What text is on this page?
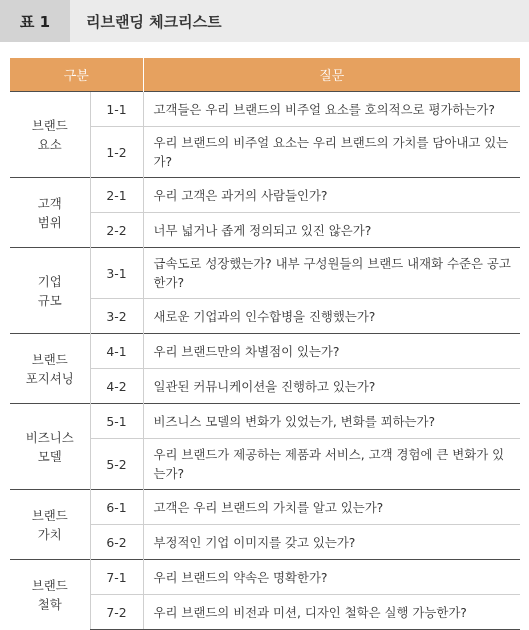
표 1	리브랜딩 체크리스트
구분		질문

브랜드
요소	1-1	고객들은 우리 브랜드의 비주얼 요소를 호의적으로 평가하는가?
	1-2	우리 브랜드의 비주얼 요소는 우리 브랜드의 가치를 담아내고 있는가?

고객
범위	2-1	우리 고객은 과거의 사람들인가?
	2-2	너무 넓거나 좁게 정의되고 있진 않은가?

기업
규모	3-1	급속도로 성장했는가? 내부 구성원들의 브랜드 내재화 수준은 공고한가?
	3-2	새로운 기업과의 인수합병을 진행했는가?

브랜드
포지셔닝	4-1	우리 브랜드만의 차별점이 있는가?
	4-2	일관된 커뮤니케이션을 진행하고 있는가?

비즈니스
모델	5-1	비즈니스 모델의 변화가 있었는가, 변화를 꾀하는가?
	5-2	우리 브랜드가 제공하는 제품과 서비스, 고객 경험에 큰 변화가 있는가?

브랜드
가치	6-1	고객은 우리 브랜드의 가치를 알고 있는가?
	6-2	부정적인 기업 이미지를 갖고 있는가?

브랜드
철학	7-1	우리 브랜드의 약속은 명확한가?
	7-2	우리 브랜드의 비전과 미션, 디자인 철학은 실행 가능한가?
